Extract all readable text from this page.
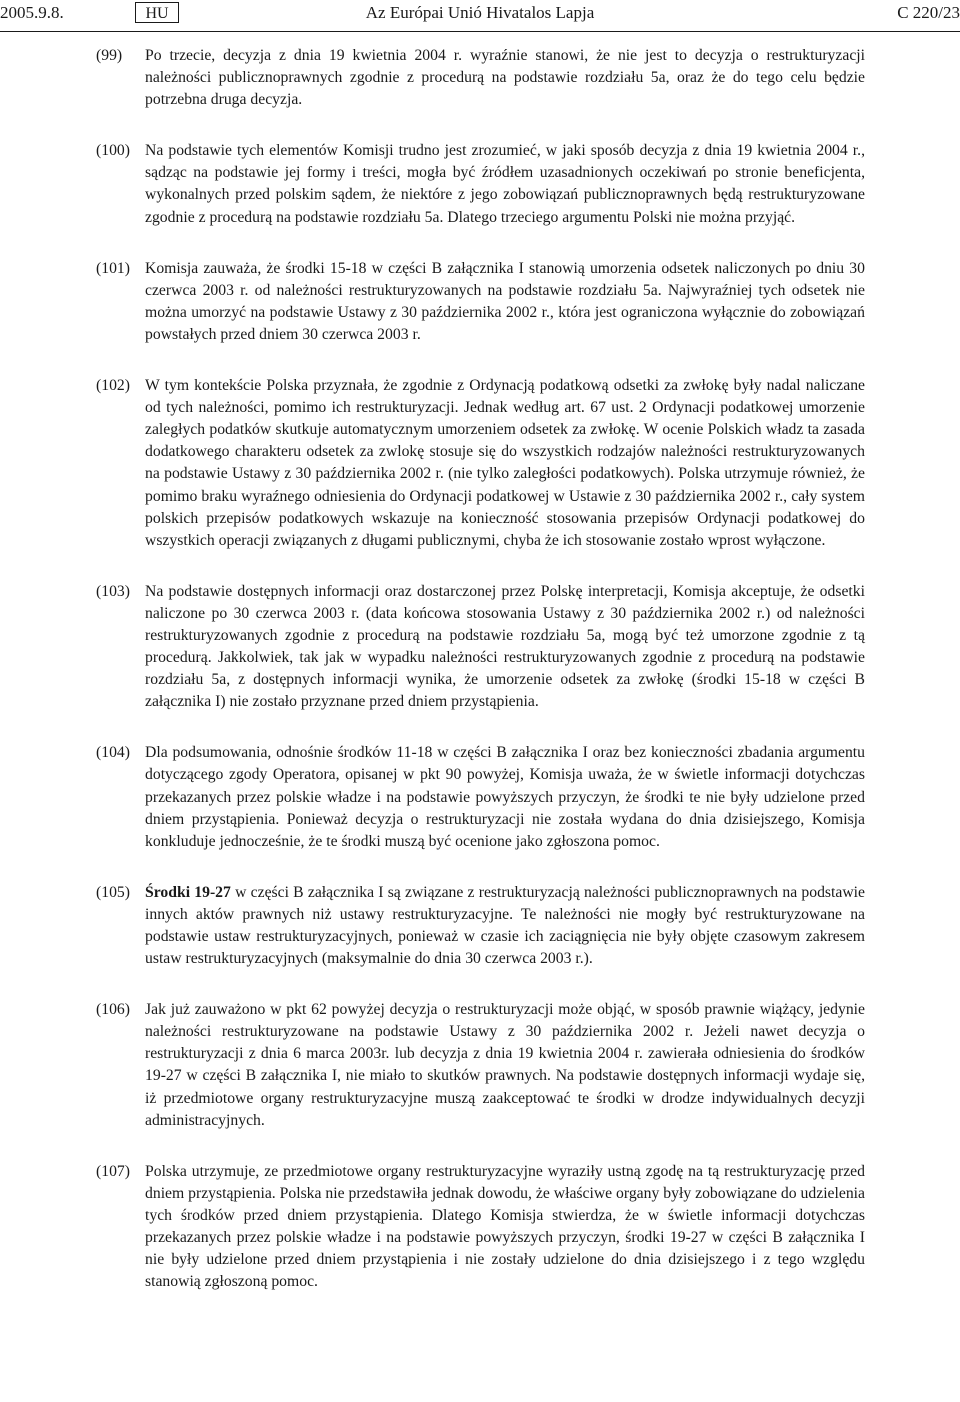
2005.9.8.	HU	Az Európai Unió Hivatalos Lapja	C 220/23
(99) Po trzecie, decyzja z dnia 19 kwietnia 2004 r. wyraźnie stanowi, że nie jest to decyzja o restrukturyzacji należności publicznoprawnych zgodnie z procedurą na podstawie rozdziału 5a, oraz że do tego celu będzie potrzebna druga decyzja.
(100) Na podstawie tych elementów Komisji trudno jest zrozumieć, w jaki sposób decyzja z dnia 19 kwietnia 2004 r., sądząc na podstawie jej formy i treści, mogła być źródłem uzasadnionych oczekiwań po stronie beneficjenta, wykonalnych przed polskim sądem, że niektóre z jego zobowiązań publicznoprawnych będą restrukturyzowane zgodnie z procedurą na podstawie rozdziału 5a. Dlatego trzeciego argumentu Polski nie można przyjąć.
(101) Komisja zauważa, że środki 15-18 w części B załącznika I stanowią umorzenia odsetek naliczonych po dniu 30 czerwca 2003 r. od należności restrukturyzowanych na podstawie rozdziału 5a. Najwyraźniej tych odsetek nie można umorzyć na podstawie Ustawy z 30 października 2002 r., która jest ograniczona wyłącznie do zobowiązań powstałych przed dniem 30 czerwca 2003 r.
(102) W tym kontekście Polska przyznała, że zgodnie z Ordynacją podatkową odsetki za zwłokę były nadal naliczane od tych należności, pomimo ich restrukturyzacji. Jednak według art. 67 ust. 2 Ordynacji podatkowej umorzenie zaległych podatków skutkuje automatycznym umorzeniem odsetek za zwłokę. W ocenie Polskich władz ta zasada dodatkowego charakteru odsetek za zwlokę stosuje się do wszystkich rodzajów należności restrukturyzowanych na podstawie Ustawy z 30 października 2002 r. (nie tylko zaległości podatkowych). Polska utrzymuje również, że pomimo braku wyraźnego odniesienia do Ordynacji podatkowej w Ustawie z 30 października 2002 r., cały system polskich przepisów podatkowych wskazuje na konieczność stosowania przepisów Ordynacji podatkowej do wszystkich operacji związanych z długami publicznymi, chyba że ich stosowanie zostało wprost wyłączone.
(103) Na podstawie dostępnych informacji oraz dostarczonej przez Polskę interpretacji, Komisja akceptuje, że odsetki naliczone po 30 czerwca 2003 r. (data końcowa stosowania Ustawy z 30 października 2002 r.) od należności restrukturyzowanych zgodnie z procedurą na podstawie rozdziału 5a, mogą być też umorzone zgodnie z tą procedurą. Jakkolwiek, tak jak w wypadku należności restrukturyzowanych zgodnie z procedurą na podstawie rozdziału 5a, z dostępnych informacji wynika, że umorzenie odsetek za zwłokę (środki 15-18 w części B załącznika I) nie zostało przyznane przed dniem przystąpienia.
(104) Dla podsumowania, odnośnie środków 11-18 w części B załącznika I oraz bez konieczności zbadania argumentu dotyczącego zgody Operatora, opisanej w pkt 90 powyżej, Komisja uważa, że w świetle informacji dotychczas przekazanych przez polskie władze i na podstawie powyższych przyczyn, że środki te nie były udzielone przed dniem przystąpienia. Ponieważ decyzja o restrukturyzacji nie została wydana do dnia dzisiejszego, Komisja konkluduje jednocześnie, że te środki muszą być ocenione jako zgłoszona pomoc.
(105) Środki 19-27 w części B załącznika I są związane z restrukturyzacją należności publicznoprawnych na podstawie innych aktów prawnych niż ustawy restrukturyzacyjne. Te należności nie mogły być restrukturyzowane na podstawie ustaw restrukturyzacyjnych, ponieważ w czasie ich zaciągnięcia nie były objęte czasowym zakresem ustaw restrukturyzacyjnych (maksymalnie do dnia 30 czerwca 2003 r.).
(106) Jak już zauważono w pkt 62 powyżej decyzja o restrukturyzacji może objąć, w sposób prawnie wiążący, jedynie należności restrukturyzowane na podstawie Ustawy z 30 października 2002 r. Jeżeli nawet decyzja o restrukturyzacji z dnia 6 marca 2003r. lub decyzja z dnia 19 kwietnia 2004 r. zawierała odniesienia do środków 19-27 w części B załącznika I, nie miało to skutków prawnych. Na podstawie dostępnych informacji wydaje się, iż przedmiotowe organy restrukturyzacyjne muszą zaakceptować te środki w drodze indywidualnych decyzji administracyjnych.
(107) Polska utrzymuje, ze przedmiotowe organy restrukturyzacyjne wyraziły ustną zgodę na tą restrukturyzację przed dniem przystąpienia. Polska nie przedstawiła jednak dowodu, że właściwe organy były zobowiązane do udzielenia tych środków przed dniem przystąpienia. Dlatego Komisja stwierdza, że w świetle informacji dotychczas przekazanych przez polskie władze i na podstawie powyższych przyczyn, środki 19-27 w części B załącznika I nie były udzielone przed dniem przystąpienia i nie zostały udzielone do dnia dzisiejszego i z tego względu stanowią zgłoszoną pomoc.
